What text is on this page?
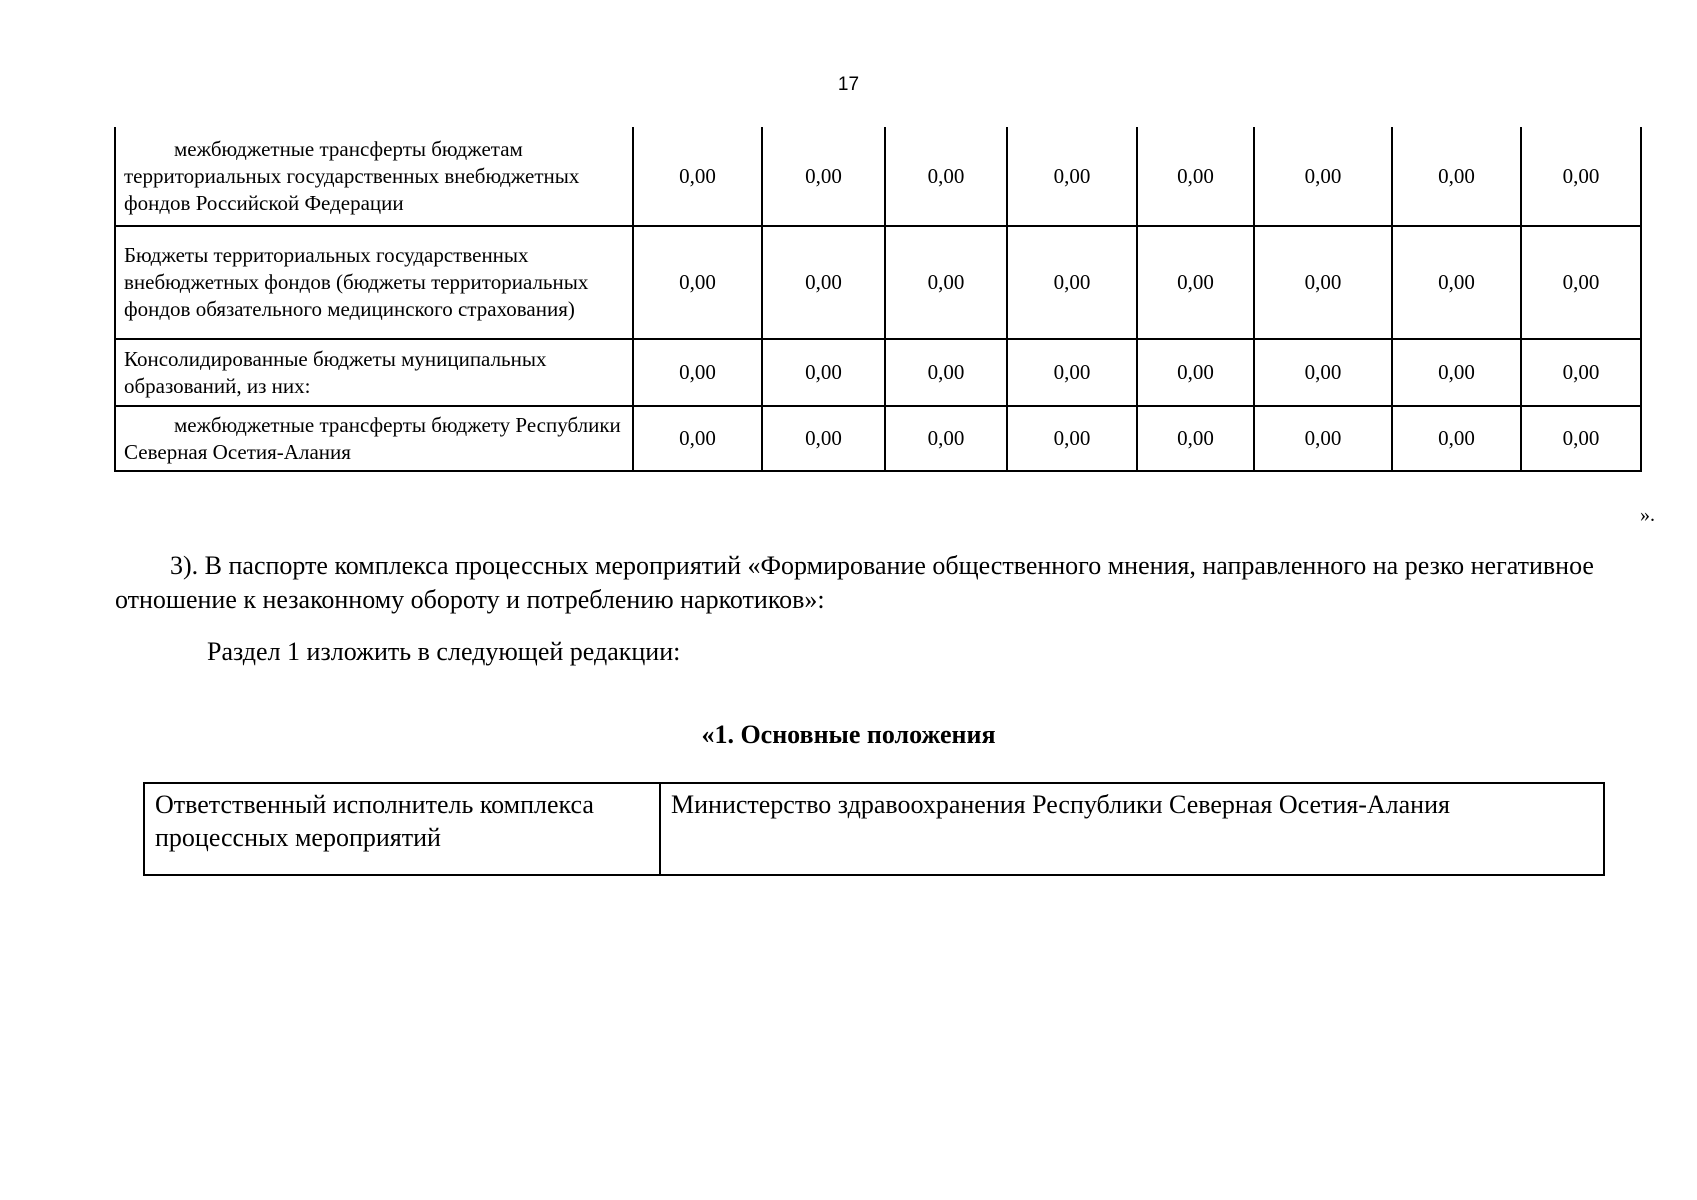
17
межбюджетные трансферты бюджетам территориальных государственных внебюджетных фондов Российской Федерации	0,00	0,00	0,00	0,00	0,00	0,00	0,00	0,00
Бюджеты территориальных государственных внебюджетных фондов (бюджеты территориальных фондов обязательного медицинского страхования)	0,00	0,00	0,00	0,00	0,00	0,00	0,00	0,00
Консолидированные бюджеты муниципальных образований, из них:	0,00	0,00	0,00	0,00	0,00	0,00	0,00	0,00

межбюджетные трансферты бюджету Республики Северная Осетия-Алания	0,00	0,00	0,00	0,00	0,00	0,00	0,00	0,00
».

3). В паспорте комплекса процессных мероприятий «Формирование общественного мнения, направленного на резко негативное отношение к незаконному обороту и потреблению наркотиков»:

Раздел 1 изложить в следующей редакции:

«1. Основные положения
Ответственный исполнитель комплекса процессных мероприятий	Министерство здравоохранения Республики Северная Осетия-Алания
